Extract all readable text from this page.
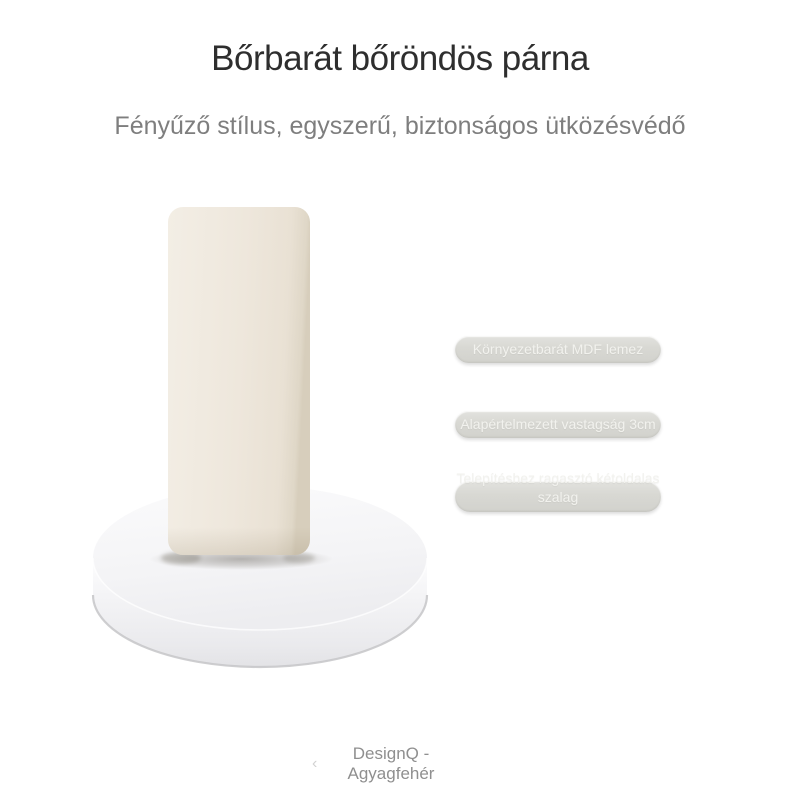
Bőrbarát bőröndös párna
Fényűző stílus, egyszerű, biztonságos ütközésvédő
Környezetbarát MDF lemez
Alapértelmezett vastagság 3cm
Telepítéshez ragasztó kétoldalas szalag
‹
DesignQ - Agyagfehér
